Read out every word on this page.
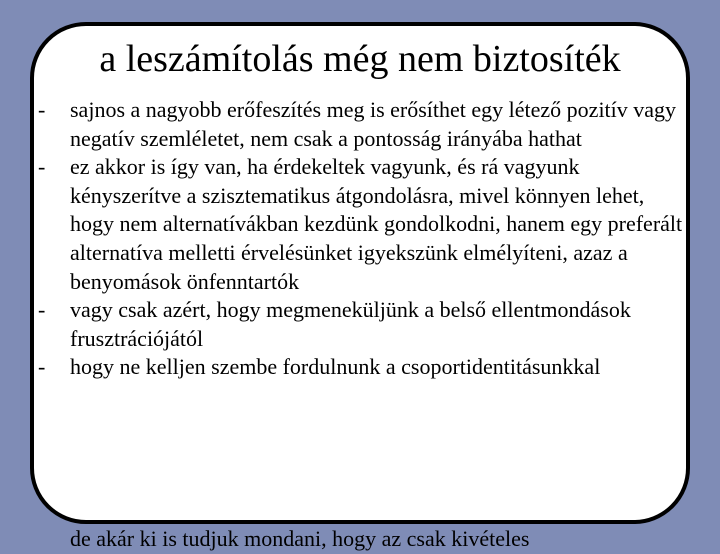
a leszámítolás még nem biztosíték
- sajnos a nagyobb erőfeszítés meg is erősíthet egy létező pozitív vagy negatív szemléletet, nem csak a pontosság irányába hathat
- ez akkor is így van, ha érdekeltek vagyunk, és rá vagyunk kényszerítve a szisztematikus átgondolásra, mivel könnyen lehet, hogy nem alternatívákban kezdünk gondolkodni, hanem egy preferált alternatíva melletti érvelésünket igyekszünk elmélyíteni, azaz a benyomások önfenntartók
- vagy csak azért, hogy megmeneküljünk a belső ellentmondások frusztrációjától
- hogy ne kelljen szembe fordulnunk a csoportidentitásunkkal
de akár ki is tudjuk mondani, hogy az csak kivételes
